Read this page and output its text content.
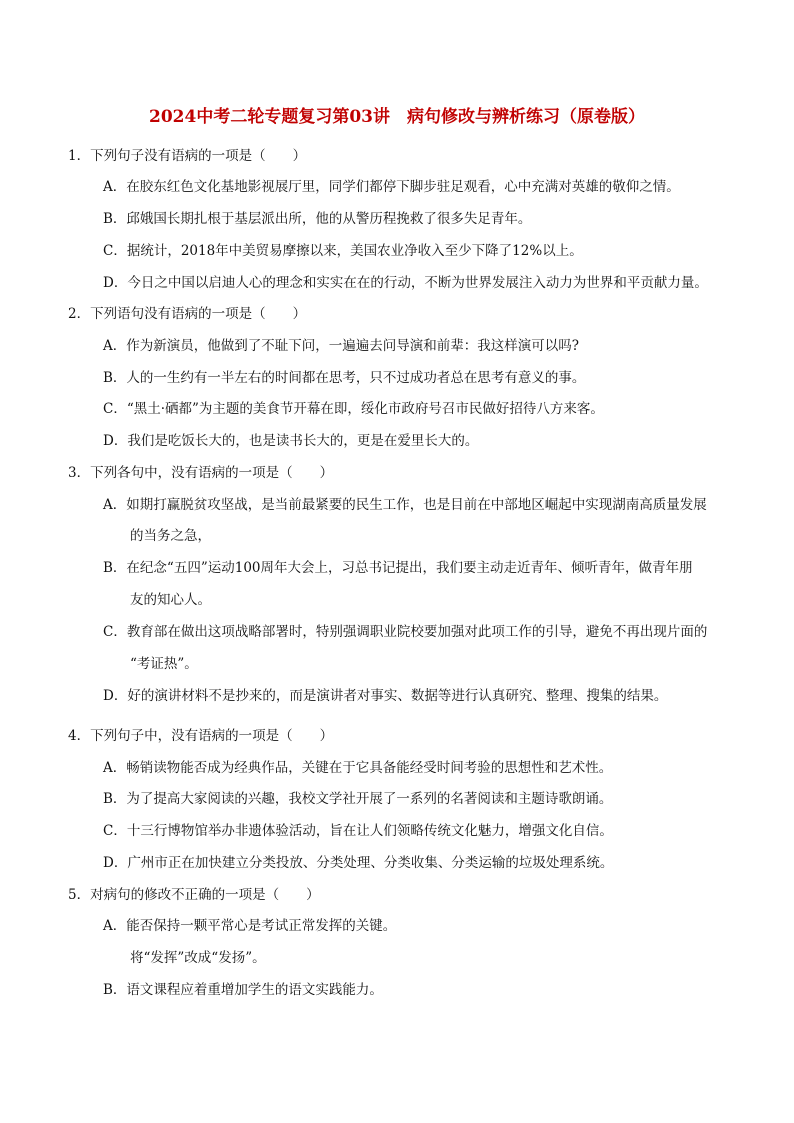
2024中考二轮专题复习第03讲　病句修改与辨析练习（原卷版）
1．下列句子没有语病的一项是（　　）
A．在胶东红色文化基地影视展厅里，同学们都停下脚步驻足观看，心中充满对英雄的敬仰之情。
B．邱娥国长期扎根于基层派出所，他的从警历程挽救了很多失足青年。
C．据统计，2018年中美贸易摩擦以来，美国农业净收入至少下降了12%以上。
D．今日之中国以启迪人心的理念和实实在在的行动，不断为世界发展注入动力为世界和平贡献力量。
2．下列语句没有语病的一项是（　　）
A．作为新演员，他做到了不耻下问，一遍遍去问导演和前辈：我这样演可以吗?
B．人的一生约有一半左右的时间都在思考，只不过成功者总在思考有意义的事。
C．“黑土·硒都”为主题的美食节开幕在即，绥化市政府号召市民做好招待八方来客。
D．我们是吃饭长大的，也是读书长大的，更是在爱里长大的。
3．下列各句中，没有语病的一项是（　　）
A．如期打赢脱贫攻坚战，是当前最紧要的民生工作，也是目前在中部地区崛起中实现湖南高质量发展
的当务之急，
B．在纪念“五四”运动100周年大会上，习总书记提出，我们要主动走近青年、倾听青年，做青年朋
友的知心人。
C．教育部在做出这项战略部署时，特别强调职业院校要加强对此项工作的引导，避免不再出现片面的
“考证热”。
D．好的演讲材料不是抄来的，而是演讲者对事实、数据等进行认真研究、整理、搜集的结果。
4．下列句子中，没有语病的一项是（　　）
A．畅销读物能否成为经典作品，关键在于它具备能经受时间考验的思想性和艺术性。
B．为了提高大家阅读的兴趣，我校文学社开展了一系列的名著阅读和主题诗歌朗诵。
C．十三行博物馆举办非遗体验活动，旨在让人们领略传统文化魅力，增强文化自信。
D．广州市正在加快建立分类投放、分类处理、分类收集、分类运输的垃圾处理系统。
5．对病句的修改不正确的一项是（　　）
A．能否保持一颗平常心是考试正常发挥的关键。
将“发挥”改成“发扬”。
B．语文课程应着重增加学生的语文实践能力。
